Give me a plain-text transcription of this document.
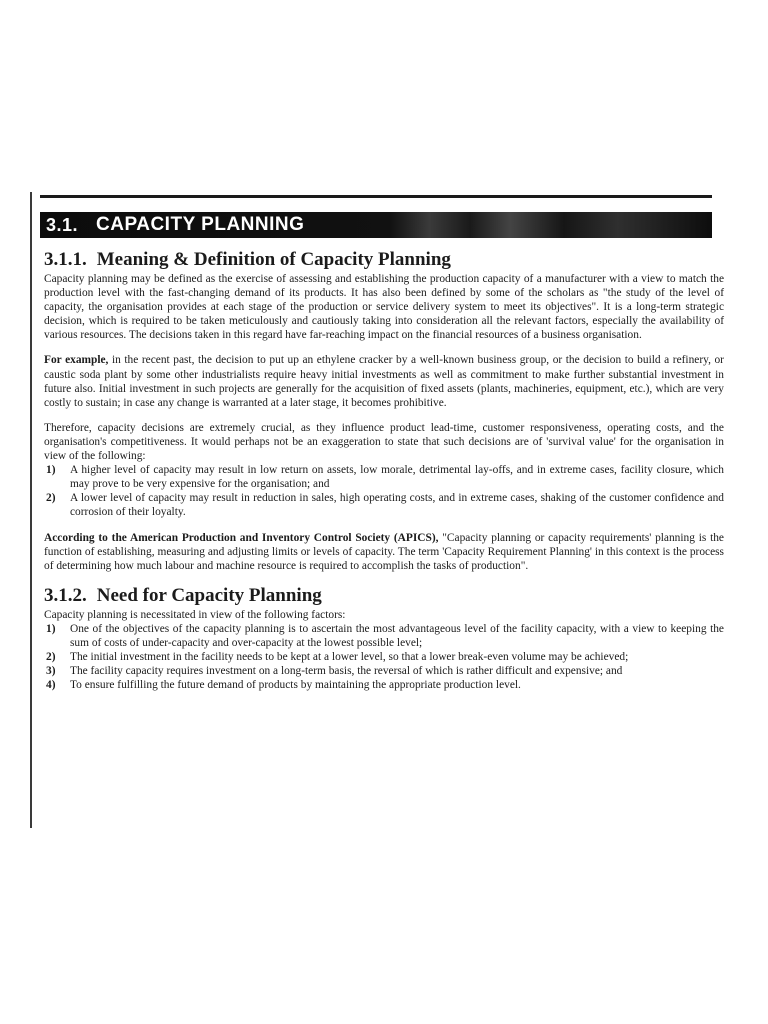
3.1. CAPACITY PLANNING
3.1.1. Meaning & Definition of Capacity Planning

Capacity planning may be defined as the exercise of assessing and establishing the production capacity of a manufacturer with a view to match the production level with the fast-changing demand of its products. It has also been defined by some of the scholars as "the study of the level of capacity, the organisation provides at each stage of the production or service delivery system to meet its objectives". It is a long-term strategic decision, which is required to be taken meticulously and cautiously taking into consideration all the relevant factors, especially the availability of various resources. The decisions taken in this regard have far-reaching impact on the financial resources of a business organisation.

For example, in the recent past, the decision to put up an ethylene cracker by a well-known business group, or the decision to build a refinery, or caustic soda plant by some other industrialists require heavy initial investments as well as commitment to make further substantial investment in future also. Initial investment in such projects are generally for the acquisition of fixed assets (plants, machineries, equipment, etc.), which are very costly to sustain; in case any change is warranted at a later stage, it becomes prohibitive.

Therefore, capacity decisions are extremely crucial, as they influence product lead-time, customer responsiveness, operating costs, and the organisation's competitiveness. It would perhaps not be an exaggeration to state that such decisions are of 'survival value' for the organisation in view of the following:

1) A higher level of capacity may result in low return on assets, low morale, detrimental lay-offs, and in extreme cases, facility closure, which may prove to be very expensive for the organisation; and
2) A lower level of capacity may result in reduction in sales, high operating costs, and in extreme cases, shaking of the customer confidence and corrosion of their loyalty.

According to the American Production and Inventory Control Society (APICS), "Capacity planning or capacity requirements' planning is the function of establishing, measuring and adjusting limits or levels of capacity. The term 'Capacity Requirement Planning' in this context is the process of determining how much labour and machine resource is required to accomplish the tasks of production".

3.1.2. Need for Capacity Planning

Capacity planning is necessitated in view of the following factors:

1) One of the objectives of the capacity planning is to ascertain the most advantageous level of the facility capacity, with a view to keeping the sum of costs of under-capacity and over-capacity at the lowest possible level;
2) The initial investment in the facility needs to be kept at a lower level, so that a lower break-even volume may be achieved;
3) The facility capacity requires investment on a long-term basis, the reversal of which is rather difficult and expensive; and
4) To ensure fulfilling the future demand of products by maintaining the appropriate production level.
